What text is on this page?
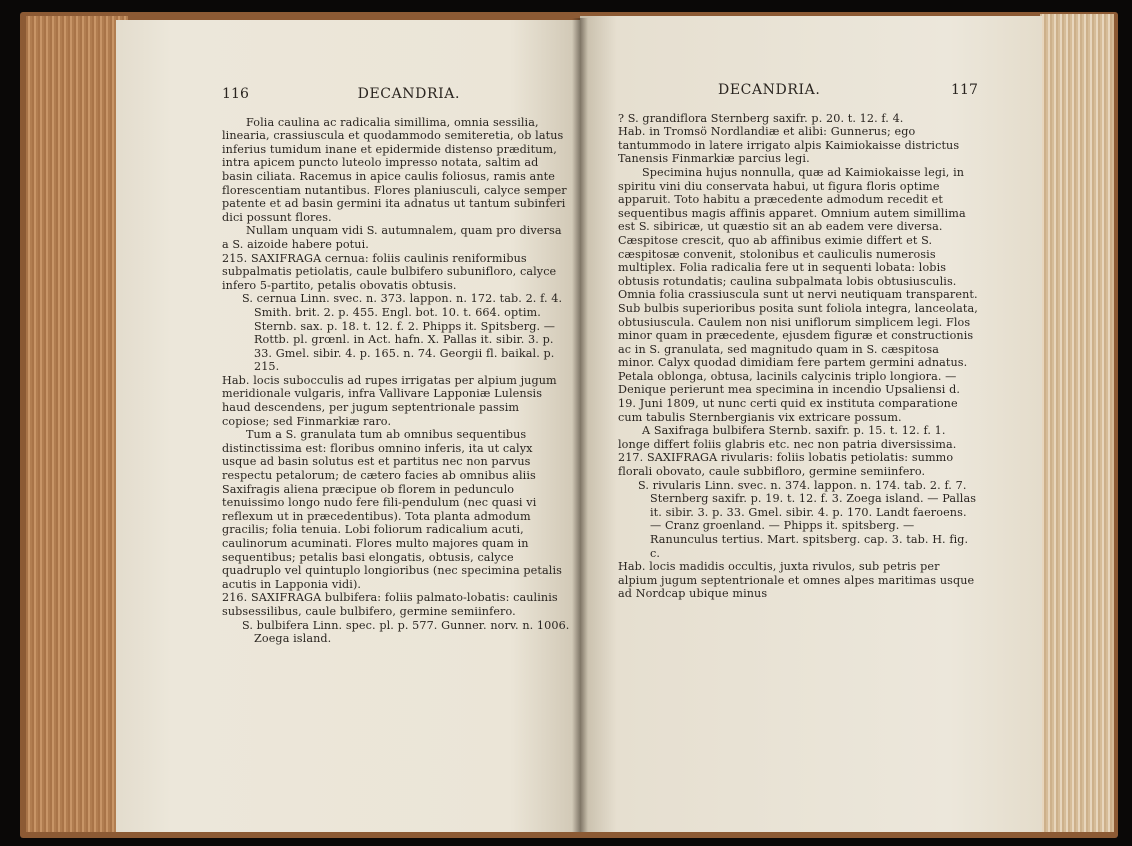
116	DECANDRIA.

Folia caulina ac radicalia simillima, omnia sessilia, linearia, crassiuscula et quodammodo semiteretia, ob latus inferius tumidum inane et epidermide distenso præditum, intra apicem puncto luteolo impresso notata, saltim ad basin ciliata. Racemus in apice caulis foliosus, ramis ante florescentiam nutantibus. Flores planiusculi, calyce semper patente et ad basin germini ita adnatus ut tantum subinferi dici possunt flores.

Nullam unquam vidi S. autumnalem, quam pro diversa a S. aizoide habere potui.

215. SAXIFRAGA cernua: foliis caulinis reniformibus subpalmatis petiolatis, caule bulbifero subunifloro, calyce infero 5-partito, petalis obovatis obtusis.

S. cernua Linn. svec. n. 373. lappon. n. 172. tab. 2. f. 4. Smith. brit. 2. p. 455. Engl. bot. 10. t. 664. optim. Sternb. sax. p. 18. t. 12. f. 2. Phipps it. Spitsberg. — Rottb. pl. grœnl. in Act. hafn. X. Pallas it. sibir. 3. p. 33. Gmel. sibir. 4. p. 165. n. 74. Georgii fl. baikal. p. 215.

Hab. locis subocculis ad rupes irrigatas per alpium jugum meridionale vulgaris, infra Vallivare Lapponiæ Lulensis haud descendens, per jugum septentrionale passim copiose; sed Finmarkiæ raro.

Tum a S. granulata tum ab omnibus sequentibus distinctissima est: floribus omnino inferis, ita ut calyx usque ad basin solutus est et partitus nec non parvus respectu petalorum; de cætero facies ab omnibus aliis Saxifragis aliena præcipue ob florem in pedunculo tenuissimo longo nudo fere fili-pendulum (nec quasi vi reflexum ut in præcedentibus). Tota planta admodum gracilis; folia tenuia. Lobi foliorum radicalium acuti, caulinorum acuminati. Flores multo majores quam in sequentibus; petalis basi elongatis, obtusis, calyce quadruplo vel quintuplo longioribus (nec specimina petalis acutis in Lapponia vidi).

216. SAXIFRAGA bulbifera: foliis palmato-lobatis: caulinis subsessilibus, caule bulbifero, germine semiinfero.

S. bulbifera Linn. spec. pl. p. 577. Gunner. norv. n. 1006. Zoega island.

DECANDRIA.	117

? S. grandiflora Sternberg saxifr. p. 20. t. 12. f. 4.

Hab. in Tromsö Nordlandiæ et alibi: Gunnerus; ego tantummodo in latere irrigato alpis Kaimiokaisse districtus Tanensis Finmarkiæ parcius legi.

Specimina hujus nonnulla, quæ ad Kaimiokaisse legi, in spiritu vini diu conservata habui, ut figura floris optime apparuit. Toto habitu a præcedente admodum recedit et sequentibus magis affinis apparet. Omnium autem simillima est S. sibiricæ, ut quæstio sit an ab eadem vere diversa. Cæspitose crescit, quo ab affinibus eximie differt et S. cæspitosæ convenit, stolonibus et cauliculis numerosis multiplex. Folia radicalia fere ut in sequenti lobata: lobis obtusis rotundatis; caulina subpalmata lobis obtusiusculis. Omnia folia crassiuscula sunt ut nervi neutiquam transparent. Sub bulbis superioribus posita sunt foliola integra, lanceolata, obtusiuscula. Caulem non nisi uniflorum simplicem legi. Flos minor quam in præcedente, ejusdem figuræ et constructionis ac in S. granulata, sed magnitudo quam in S. cæspitosa minor. Calyx quodad dimidiam fere partem germini adnatus. Petala oblonga, obtusa, lacinils calycinis triplo longiora. — Denique perierunt mea specimina in incendio Upsaliensi d. 19. Juni 1809, ut nunc certi quid ex instituta comparatione cum tabulis Sternbergianis vix extricare possum.

A Saxifraga bulbifera Sternb. saxifr. p. 15. t. 12. f. 1. longe differt foliis glabris etc. nec non patria diversissima.

217. SAXIFRAGA rivularis: foliis lobatis petiolatis: summo florali obovato, caule subbifloro, germine semiinfero.

S. rivularis Linn. svec. n. 374. lappon. n. 174. tab. 2. f. 7. Sternberg saxifr. p. 19. t. 12. f. 3. Zoega island. — Pallas it. sibir. 3. p. 33. Gmel. sibir. 4. p. 170. Landt faeroens. — Cranz groenland. — Phipps it. spitsberg. — Ranunculus tertius. Mart. spitsberg. cap. 3. tab. H. fig. c.

Hab. locis madidis occultis, juxta rivulos, sub petris per alpium jugum septentrionale et omnes alpes maritimas usque ad Nordcap ubique minus
